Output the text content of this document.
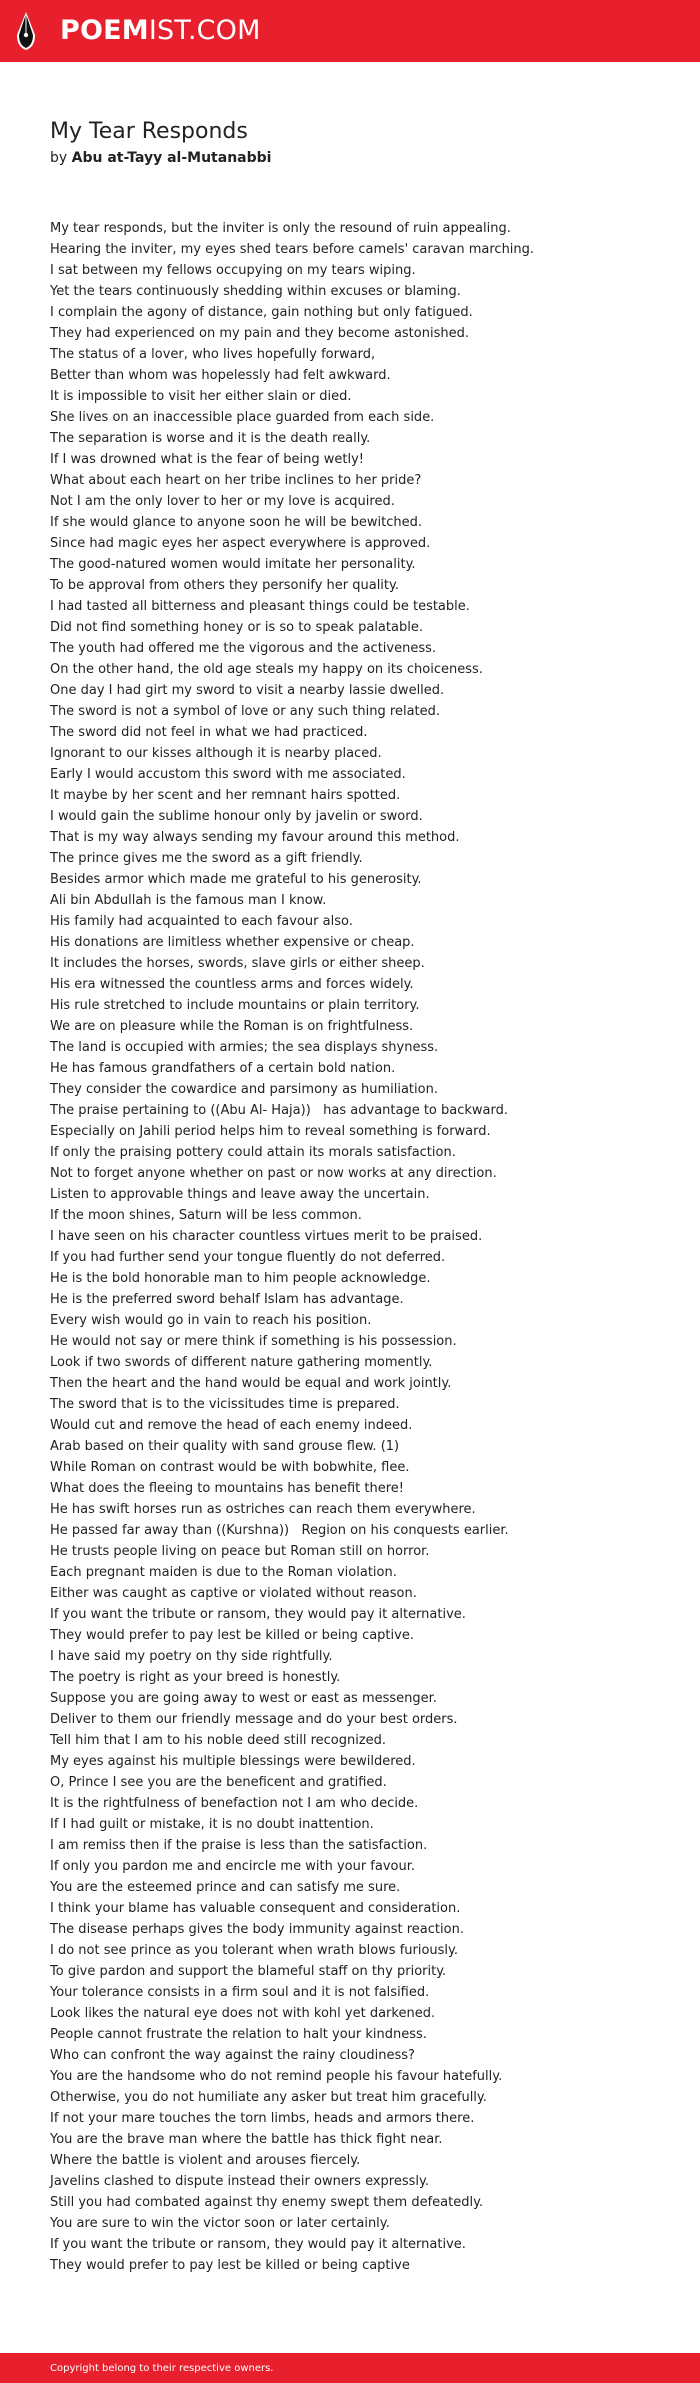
POEMIST.COM
My Tear Responds
by Abu at-Tayy al-Mutanabbi
My tear responds, but the inviter is only the resound of ruin appealing.
Hearing the inviter, my eyes shed tears before camels' caravan marching.
I sat between my fellows occupying on my tears wiping.
Yet the tears continuously shedding within excuses or blaming.
I complain the agony of distance, gain nothing but only fatigued.
They had experienced on my pain and they become astonished.
The status of a lover, who lives hopefully forward,
Better than whom was hopelessly had felt awkward.
It is impossible to visit her either slain or died.
She lives on an inaccessible place guarded from each side.
The separation is worse and it is the death really.
If I was drowned what is the fear of being wetly!
What about each heart on her tribe inclines to her pride?
Not I am the only lover to her or my love is acquired.
If she would glance to anyone soon he will be bewitched.
Since had magic eyes her aspect everywhere is approved.
The good-natured women would imitate her personality.
To be approval from others they personify her quality.
I had tasted all bitterness and pleasant things could be testable.
Did not find something honey or is so to speak palatable.
The youth had offered me the vigorous and the activeness.
On the other hand, the old age steals my happy on its choiceness.
One day I had girt my sword to visit a nearby lassie dwelled.
The sword is not a symbol of love or any such thing related.
The sword did not feel in what we had practiced.
Ignorant to our kisses although it is nearby placed.
Early I would accustom this sword with me associated.
It maybe by her scent and her remnant hairs spotted.
I would gain the sublime honour only by javelin or sword.
That is my way always sending my favour around this method.
The prince gives me the sword as a gift friendly.
Besides armor which made me grateful to his generosity.
Ali bin Abdullah is the famous man I know.
His family had acquainted to each favour also.
His donations are limitless whether expensive or cheap.
It includes the horses, swords, slave girls or either sheep.
His era witnessed the countless arms and forces widely.
His rule stretched to include mountains or plain territory.
We are on pleasure while the Roman is on frightfulness.
The land is occupied with armies; the sea displays shyness.
He has famous grandfathers of a certain bold nation.
They consider the cowardice and parsimony as humiliation.
The praise pertaining to ((Abu Al- Haja))   has advantage to backward.
Especially on Jahili period helps him to reveal something is forward.
If only the praising pottery could attain its morals satisfaction.
Not to forget anyone whether on past or now works at any direction.
Listen to approvable things and leave away the uncertain.
If the moon shines, Saturn will be less common.
I have seen on his character countless virtues merit to be praised.
If you had further send your tongue fluently do not deferred.
He is the bold honorable man to him people acknowledge.
He is the preferred sword behalf Islam has advantage.
Every wish would go in vain to reach his position.
He would not say or mere think if something is his possession.
Look if two swords of different nature gathering momently.
Then the heart and the hand would be equal and work jointly.
The sword that is to the vicissitudes time is prepared.
Would cut and remove the head of each enemy indeed.
Arab based on their quality with sand grouse flew. (1)
While Roman on contrast would be with bobwhite, flee.
What does the fleeing to mountains has benefit there!
He has swift horses run as ostriches can reach them everywhere.
He passed far away than ((Kurshna))   Region on his conquests earlier.
He trusts people living on peace but Roman still on horror.
Each pregnant maiden is due to the Roman violation.
Either was caught as captive or violated without reason.
If you want the tribute or ransom, they would pay it alternative.
They would prefer to pay lest be killed or being captive.
I have said my poetry on thy side rightfully.
The poetry is right as your breed is honestly.
Suppose you are going away to west or east as messenger.
Deliver to them our friendly message and do your best orders.
Tell him that I am to his noble deed still recognized.
My eyes against his multiple blessings were bewildered.
O, Prince I see you are the beneficent and gratified.
It is the rightfulness of benefaction not I am who decide.
If I had guilt or mistake, it is no doubt inattention.
I am remiss then if the praise is less than the satisfaction.
If only you pardon me and encircle me with your favour.
You are the esteemed prince and can satisfy me sure.
I think your blame has valuable consequent and consideration.
The disease perhaps gives the body immunity against reaction.
I do not see prince as you tolerant when wrath blows furiously.
To give pardon and support the blameful staff on thy priority.
Your tolerance consists in a firm soul and it is not falsified.
Look likes the natural eye does not with kohl yet darkened.
People cannot frustrate the relation to halt your kindness.
Who can confront the way against the rainy cloudiness?
You are the handsome who do not remind people his favour hatefully.
Otherwise, you do not humiliate any asker but treat him gracefully.
If not your mare touches the torn limbs, heads and armors there.
You are the brave man where the battle has thick fight near.
Where the battle is violent and arouses fiercely.
Javelins clashed to dispute instead their owners expressly.
Still you had combated against thy enemy swept them defeatedly.
You are sure to win the victor soon or later certainly.
If you want the tribute or ransom, they would pay it alternative.
They would prefer to pay lest be killed or being captive
Copyright belong to their respective owners.
